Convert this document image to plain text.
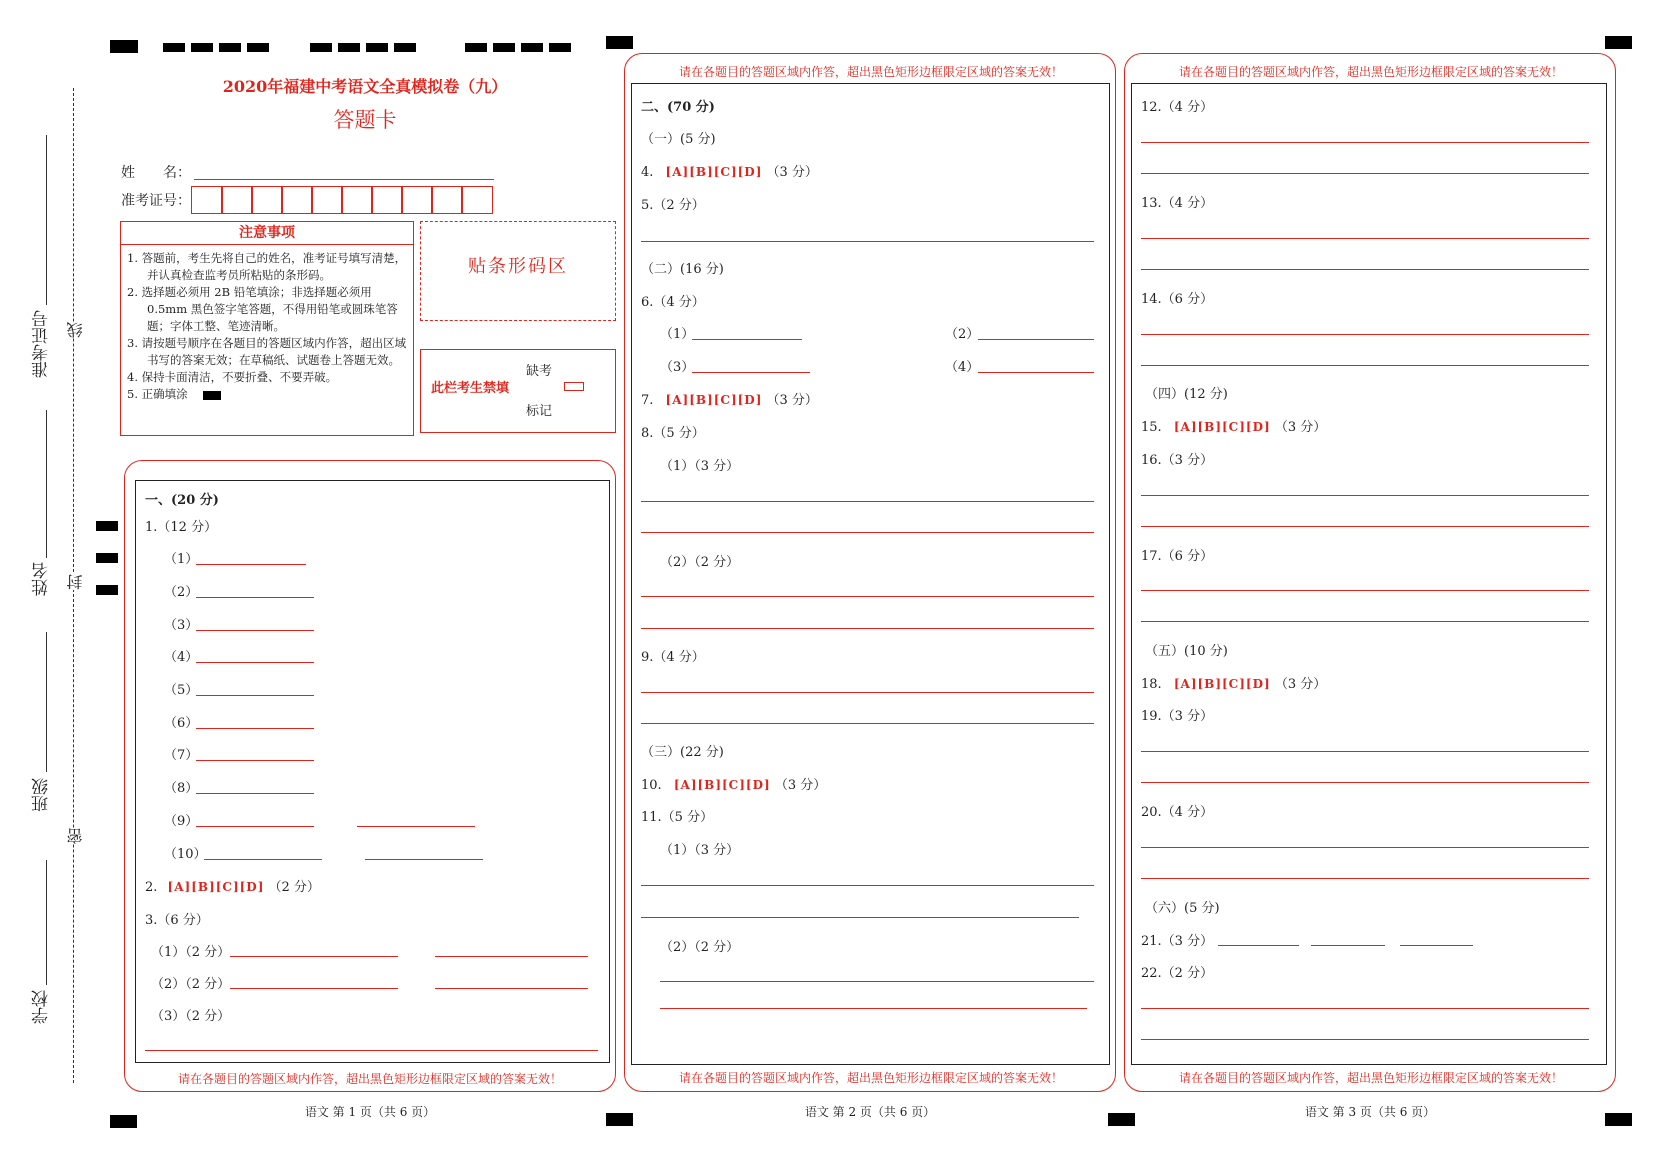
学校
班级
姓名
准考证号 线
封
密
2020年福建中考语文全真模拟卷（九）
答题卡
姓　　名：
准考证号：
注意事项
1. 答题前，考生先将自己的姓名，准考证号填写清楚，并认真检查监考员所粘贴的条形码。
2. 选择题必须用 2B 铅笔填涂；非选择题必须用 0.5mm 黑色签字笔答题，不得用铅笔或圆珠笔答题；字体工整、笔迹清晰。
3. 请按题号顺序在各题目的答题区域内作答，超出区域书写的答案无效；在草稿纸、试题卷上答题无效。
4. 保持卡面清洁，不要折叠、不要弄破。
5. 正确填涂
贴条形码区
此栏考生禁填
缺考
标记
请在各题目的答题区域内作答，超出黑色矩形边框限定区域的答案无效！
一、(20 分)
1.（12 分）
（1）
（2）
（3）
（4）
（5）
（6）
（7）
（8）
（9）
（10）
2. [A][B][C][D] （2 分）
3.（6 分）
（1）（2 分）
（2）（2 分）
（3）（2 分）
语文 第 1 页（共 6 页）
请在各题目的答题区域内作答，超出黑色矩形边框限定区域的答案无效！
请在各题目的答题区域内作答，超出黑色矩形边框限定区域的答案无效！
二、(70 分)
（一）(5 分)
4. [A][B][C][D] （3 分）
5.（2 分）
（二）(16 分)
6.（4 分）
（1）	（2）
（3）	（4）
7. [A][B][C][D] （3 分）
8.（5 分）
（1）（3 分）
（2）（2 分）
9.（4 分）
（三）(22 分)
10. [A][B][C][D] （3 分）
11.（5 分）
（1）（3 分）
（2）（2 分）
语文 第 2 页（共 6 页）
请在各题目的答题区域内作答，超出黑色矩形边框限定区域的答案无效！
请在各题目的答题区域内作答，超出黑色矩形边框限定区域的答案无效！
12.（4 分）
13.（4 分）
14.（6 分）
（四）(12 分)
15. [A][B][C][D] （3 分）
16.（3 分）
17.（6 分）
（五）(10 分)
18. [A][B][C][D] （3 分）
19.（3 分）
20.（4 分）
（六）(5 分)
21.（3 分）
22.（2 分）
语文 第 3 页（共 6 页）
